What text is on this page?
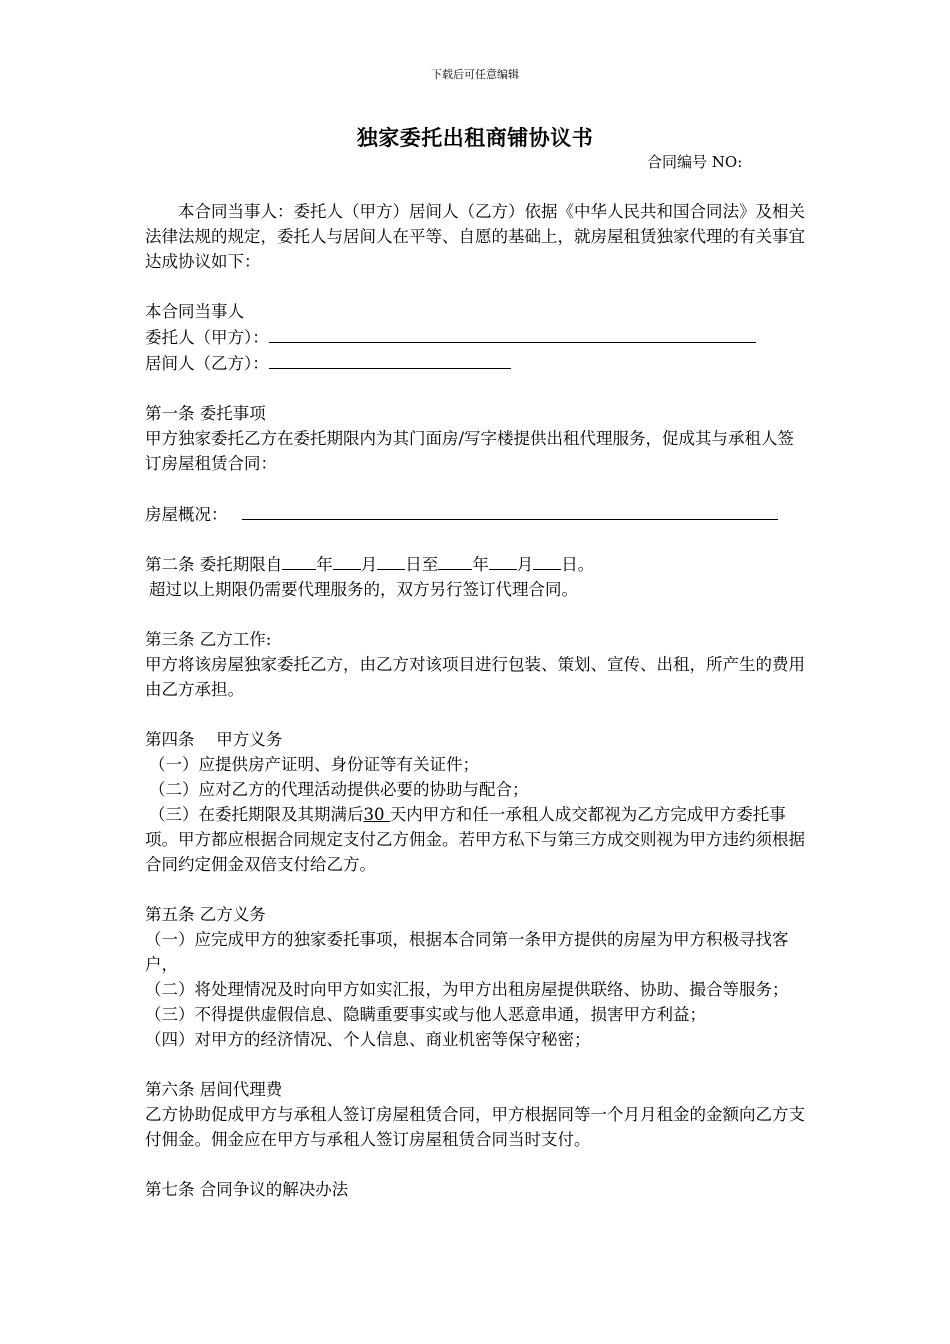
下载后可任意编辑
独家委托出租商铺协议书
合同编号 NO:

本合同当事人：委托人（甲方）居间人（乙方）依据《中华人民共和国合同法》及相关法律法规的规定，委托人与居间人在平等、自愿的基础上，就房屋租赁独家代理的有关事宜达成协议如下：

本合同当事人

委托人（甲方）：

居间人（乙方）：

第一条 委托事项

甲方独家委托乙方在委托期限内为其门面房/写字楼提供出租代理服务，促成其与承租人签订房屋租赁合同：

房屋概况：

第二条 委托期限自 年 月 日至 年 月 日。

超过以上期限仍需要代理服务的，双方另行签订代理合同。

第三条 乙方工作:

甲方将该房屋独家委托乙方，由乙方对该项目进行包装、策划、宣传、出租，所产生的费用由乙方承担。

第四条　 甲方义务

（一）应提供房产证明、身份证等有关证件；

（二）应对乙方的代理活动提供必要的协助与配合；

（三）在委托期限及其期满后30 天内甲方和任一承租人成交都视为乙方完成甲方委托事项。甲方都应根据合同规定支付乙方佣金。若甲方私下与第三方成交则视为甲方违约须根据合同约定佣金双倍支付给乙方。

第五条 乙方义务

（一）应完成甲方的独家委托事项，根据本合同第一条甲方提供的房屋为甲方积极寻找客户，

（二）将处理情况及时向甲方如实汇报，为甲方出租房屋提供联络、协助、撮合等服务；

（三）不得提供虚假信息、隐瞒重要事实或与他人恶意串通，损害甲方利益；

（四）对甲方的经济情况、个人信息、商业机密等保守秘密；

第六条 居间代理费

乙方协助促成甲方与承租人签订房屋租赁合同，甲方根据同等一个月月租金的金额向乙方支付佣金。佣金应在甲方与承租人签订房屋租赁合同当时支付。

第七条 合同争议的解决办法
